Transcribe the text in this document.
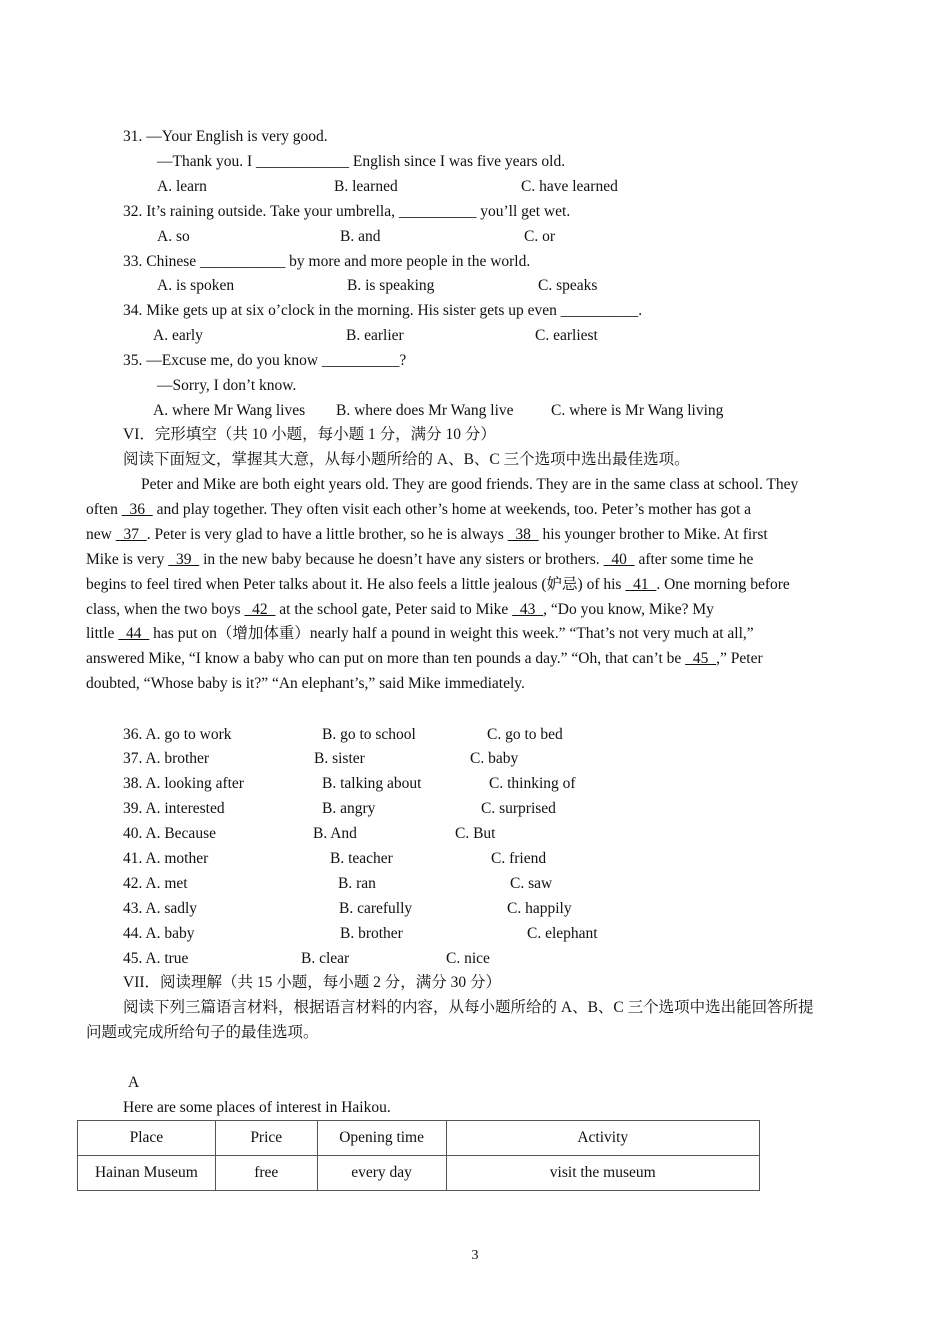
31. —Your English is very good.
—Thank you. I ____________ English since I was five years old.
A. learn	B. learned	C. have learned
32. It’s raining outside. Take your umbrella, __________ you’ll get wet.
A. so	B. and	C. or
33. Chinese ___________ by more and more people in the world.
A. is spoken	B. is speaking	C. speaks
34. Mike gets up at six o’clock in the morning. His sister gets up even __________.
A. early	B. earlier	C. earliest
35. —Excuse me, do you know __________?
—Sorry, I don’t know.
A. where Mr Wang lives B. where does Mr Wang live C. where is Mr Wang living
VI．完形填空（共 10 小题，每小题 1 分，满分 10 分）
阅读下面短文，掌握其大意，从每小题所给的 A、B、C 三个选项中选出最佳选项。
Peter and Mike are both eight years old. They are good friends. They are in the same class at school. They
often   36   and play together. They often visit each other’s home at weekends, too. Peter’s mother has got a
new   37  . Peter is very glad to have a little brother, so he is always   38   his younger brother to Mike. At first
Mike is very   39   in the new baby because he doesn’t have any sisters or brothers.   40   after some time he
begins to feel tired when Peter talks about it. He also feels a little jealous (妒忌) of his   41  . One morning before
class, when the two boys   42   at the school gate, Peter said to Mike   43  , “Do you know, Mike? My
little   44   has put on（增加体重）nearly half a pound in weight this week.” “That’s not very much at all,”
answered Mike, “I know a baby who can put on more than ten pounds a day.” “Oh, that can’t be   45  ,” Peter
doubted, “Whose baby is it?” “An elephant’s,” said Mike immediately.
36. A. go to work	B. go to school	C. go to bed
37. A. brother	B. sister	C. baby
38. A. looking after	B. talking about	C. thinking of
39. A. interested	B. angry	C. surprised
40. A. Because	B. And	C. But
41. A. mother	B. teacher	C. friend
42. A. met	B. ran	C. saw
43. A. sadly	B. carefully	C. happily
44. A. baby	B. brother	C. elephant
45. A. true	B. clear	C. nice
VII．阅读理解（共 15 小题，每小题 2 分，满分 30 分）
阅读下列三篇语言材料，根据语言材料的内容，从每小题所给的 A、B、C 三个选项中选出能回答所提
问题或完成所给句子的最佳选项。
A
Here are some places of interest in Haikou.
Place	Price	Opening time	Activity
Hainan Museum	free	every day	visit the museum
3
